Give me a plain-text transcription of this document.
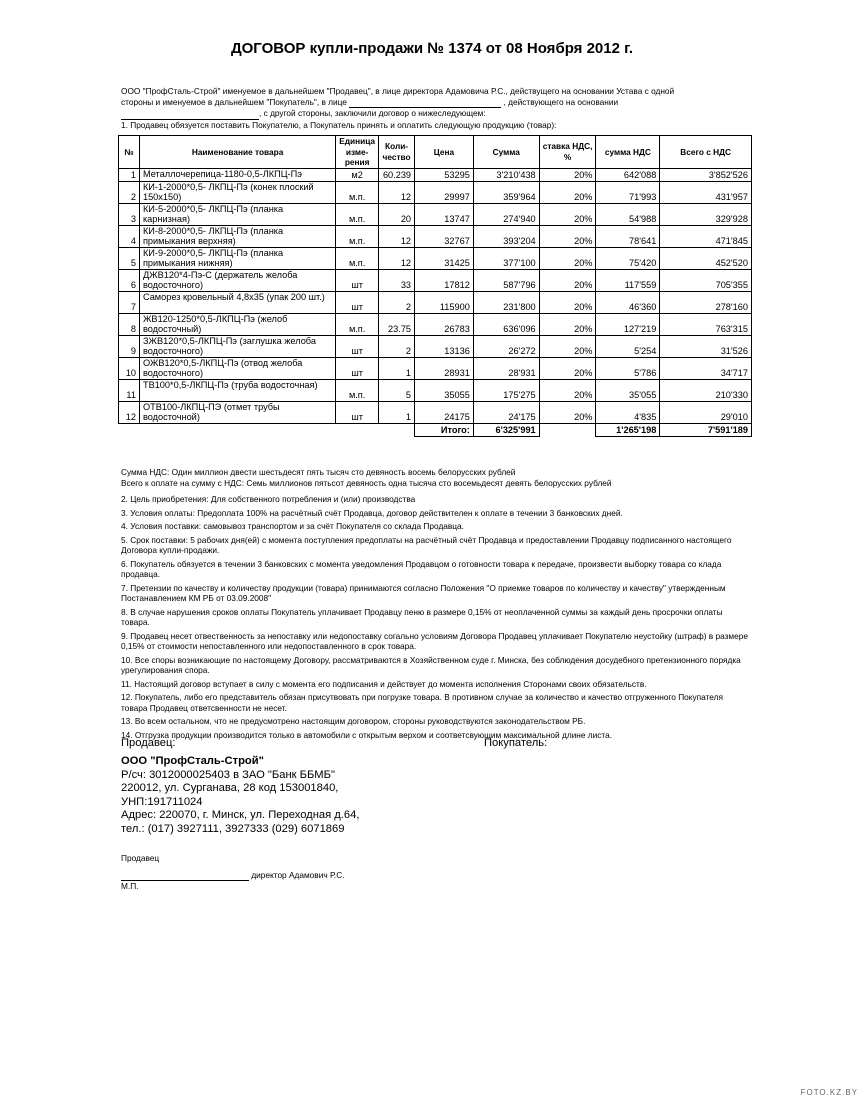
ДОГОВОР купли-продажи № 1374 от 08 Ноября 2012 г.

ООО "ПрофСталь-Строй" именуемое в дальнейшем "Продавец", в лице директора Адамовича Р.С., действущего на основании Устава с одной

стороны и именуемое в дальнейшем "Покупатель", в лице	, действующего на основании

, с другой стороны, заключили договор о нижеследующем:

1. Продавец обязуется поставить Покупателю, а Покупатель принять и оплатить следующую продукцию (товар):

№	Наименование товара	Единица изме- рения	Коли- чество	Цена	Сумма	ставка НДС, %	сумма НДС	Всего с НДС
1	Металлочерепица-1180-0,5-ЛКПЦ-Пэ	м2	60.239	53295	3'210'438	20%	642'088	3'852'526
2	КИ-1-2000*0,5- ЛКПЦ-Пэ (конек плоский 150х150)	м.п.	12	29997	359'964	20%	71'993	431'957
3	КИ-5-2000*0,5- ЛКПЦ-Пэ (планка карнизная)	м.п.	20	13747	274'940	20%	54'988	329'928
4	КИ-8-2000*0,5- ЛКПЦ-Пэ (планка примыкания верхняя)	м.п.	12	32767	393'204	20%	78'641	471'845
5	КИ-9-2000*0,5- ЛКПЦ-Пэ (планка примыкания нижняя)	м.п.	12	31425	377'100	20%	75'420	452'520
6	ДЖВ120*4-Пэ-С (держатель желоба водосточного)	шт	33	17812	587'796	20%	117'559	705'355
7	Саморез кровельный 4,8х35 (упак 200 шт.)	шт	2	115900	231'800	20%	46'360	278'160
8	ЖВ120-1250*0,5-ЛКПЦ-Пэ (желоб водосточный)	м.п.	23.75	26783	636'096	20%	127'219	763'315
9	ЗЖВ120*0,5-ЛКПЦ-Пэ (заглушка желоба водосточного)	шт	2	13136	26'272	20%	5'254	31'526
10	ОЖВ120*0,5-ЛКПЦ-Пэ (отвод желоба водосточного)	шт	1	28931	28'931	20%	5'786	34'717
11	ТВ100*0,5-ЛКПЦ-Пэ (труба водосточная)	м.п.	5	35055	175'275	20%	35'055	210'330
12	ОТВ100-ЛКПЦ-ПЭ (отмет трубы водосточной)	шт	1	24175	24'175	20%	4'835	29'010
				Итого:	6'325'991		1'265'198	7'591'189

Сумма НДС: Один миллион двести шестьдесят пять тысяч сто девяность восемь белорусских рублей

Всего к оплате на сумму с НДС: Семь миллионов пятьсот девяность одна тысяча сто восемьдесят девять белорусских рублей

2. Цель приобретения: Для собственного потребления и (или) производства

3. Условия оплаты: Предоплата 100% на расчётный счёт Продавца, договор действителен к оплате в течении 3 банковских дней.

4. Условия поставки: самовывоз транспортом и за счёт Покупателя со склада Продавца.

5. Срок поставки: 5 рабочих дня(ей) с момента поступления предоплаты на расчётный счёт Продавца и предоставлении Продавцу подписанного настоящего Договора купли-продажи.

6. Покупатель обязуется в течении 3 банковских с момента уведомления Продавцом о готовности товара к передаче, произвести выборку товара со клада продавца.

7. Претензии по качеству и количеству продукции (товара) принимаются согласно Положения "О приемке товаров по количеству и качеству" утвержденным Постанавлением КМ РБ от 03.09.2008"

8. В случае нарушения сроков оплаты Покупатель уплачивает Продавцу пеню в размере 0,15% от неоплаченной суммы за каждый день просрочки оплаты товара.

9. Продавец несет отвественность за непоставку или недопоставку согально условиям Договора Продавец уплачивает Покупателю неустойку (штраф) в размере 0,15% от стоимости непоставленного или недопоставленного в срок товара.

10. Все споры возникающие по настоящему Договору, рассматриваются в Хозяйственном суде г. Минска, без соблюдения досудебного претензионного порядка урегулирования спора.

11. Настоящий договор вступает в силу с момента его подписания и действует до момента исполнения Сторонами своих обязательств.

12. Покупатель, либо его представитель обязан присутвовать при погрузке товара. В противном случае за количество и качество отгруженного Покупателя товара Продавец ответсвенности не несет.

13. Во всем остальном, что не предусмотрено настоящим договором, стороны руководствуются законодательством РБ.

14. Отгрузка продукции производится только в автомобили с открытым верхом и соответсвующим максимальной длине листа.

Продавец:	Покупатель:

ООО "ПрофСталь-Строй"

Р/сч: 3012000025403 в ЗАО "Банк ББМБ"

220012, ул. Сурганава, 28 код 153001840,

УНП:191711024

Адрес: 220070, г. Минск, ул. Переходная д.64,

тел.: (017) 3927111, 3927333 (029) 6071869

Продавец

директор Адамович Р.С.

М.П.

FOTO.KZ.BY
